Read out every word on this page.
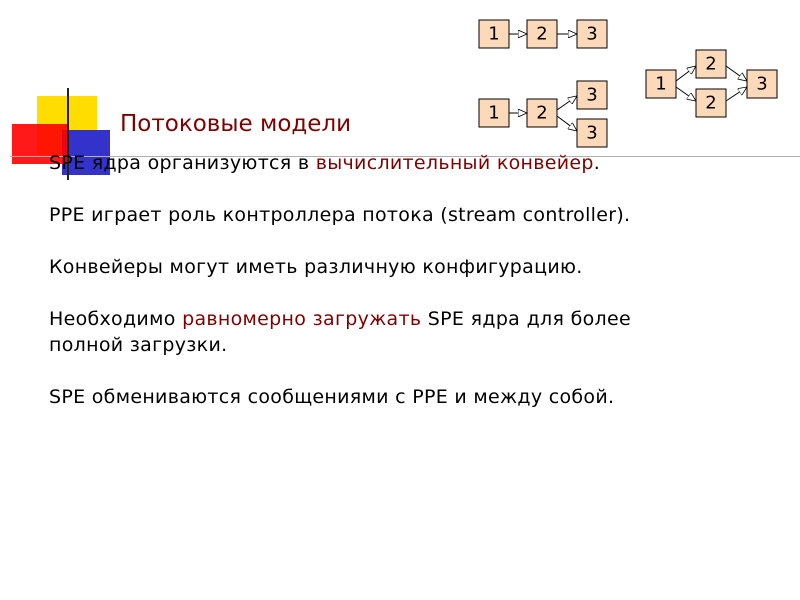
Потоковые модели
SPE ядра организуются в вычислительный конвейер.
PPE играет роль контроллера потока (stream controller).
Конвейеры могут иметь различную конфигурацию.
Необходимо равномерно загружать SPE ядра для более полной загрузки.
SPE обмениваются сообщениями с PPE и между собой.
1 2 3
1 2
3
3
1
2
2
3
